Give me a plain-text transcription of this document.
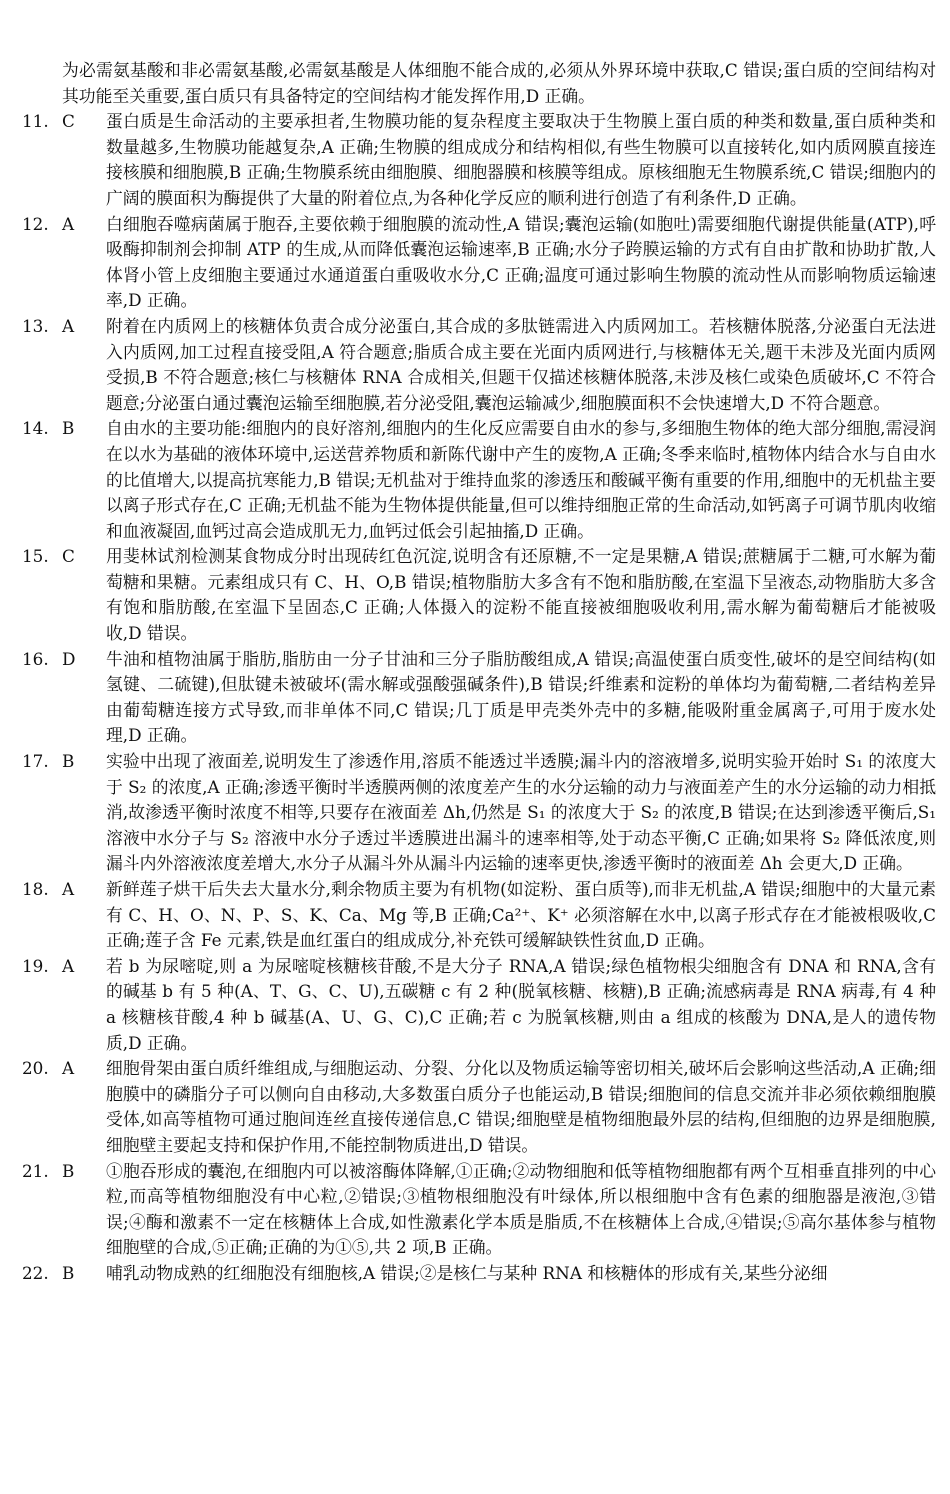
为必需氨基酸和非必需氨基酸,必需氨基酸是人体细胞不能合成的,必须从外界环境中获取,C 错误;蛋白质的空间结构对其功能至关重要,蛋白质只有具备特定的空间结构才能发挥作用,D 正确。

11. C	蛋白质是生命活动的主要承担者,生物膜功能的复杂程度主要取决于生物膜上蛋白质的种类和数量,蛋白质种类和数量越多,生物膜功能越复杂,A 正确;生物膜的组成成分和结构相似,有些生物膜可以直接转化,如内质网膜直接连接核膜和细胞膜,B 正确;生物膜系统由细胞膜、细胞器膜和核膜等组成。原核细胞无生物膜系统,C 错误;细胞内的广阔的膜面积为酶提供了大量的附着位点,为各种化学反应的顺利进行创造了有利条件,D 正确。
12. A	白细胞吞噬病菌属于胞吞,主要依赖于细胞膜的流动性,A 错误;囊泡运输(如胞吐)需要细胞代谢提供能量(ATP),呼吸酶抑制剂会抑制 ATP 的生成,从而降低囊泡运输速率,B 正确;水分子跨膜运输的方式有自由扩散和协助扩散,人体肾小管上皮细胞主要通过水通道蛋白重吸收水分,C 正确;温度可通过影响生物膜的流动性从而影响物质运输速率,D 正确。
13. A	附着在内质网上的核糖体负责合成分泌蛋白,其合成的多肽链需进入内质网加工。若核糖体脱落,分泌蛋白无法进入内质网,加工过程直接受阻,A 符合题意;脂质合成主要在光面内质网进行,与核糖体无关,题干未涉及光面内质网受损,B 不符合题意;核仁与核糖体 RNA 合成相关,但题干仅描述核糖体脱落,未涉及核仁或染色质破坏,C 不符合题意;分泌蛋白通过囊泡运输至细胞膜,若分泌受阻,囊泡运输减少,细胞膜面积不会快速增大,D 不符合题意。
14. B	自由水的主要功能:细胞内的良好溶剂,细胞内的生化反应需要自由水的参与,多细胞生物体的绝大部分细胞,需浸润在以水为基础的液体环境中,运送营养物质和新陈代谢中产生的废物,A 正确;冬季来临时,植物体内结合水与自由水的比值增大,以提高抗寒能力,B 错误;无机盐对于维持血浆的渗透压和酸碱平衡有重要的作用,细胞中的无机盐主要以离子形式存在,C 正确;无机盐不能为生物体提供能量,但可以维持细胞正常的生命活动,如钙离子可调节肌肉收缩和血液凝固,血钙过高会造成肌无力,血钙过低会引起抽搐,D 正确。
15. C	用斐林试剂检测某食物成分时出现砖红色沉淀,说明含有还原糖,不一定是果糖,A 错误;蔗糖属于二糖,可水解为葡萄糖和果糖。元素组成只有 C、H、O,B 错误;植物脂肪大多含有不饱和脂肪酸,在室温下呈液态,动物脂肪大多含有饱和脂肪酸,在室温下呈固态,C 正确;人体摄入的淀粉不能直接被细胞吸收利用,需水解为葡萄糖后才能被吸收,D 错误。
16. D	牛油和植物油属于脂肪,脂肪由一分子甘油和三分子脂肪酸组成,A 错误;高温使蛋白质变性,破坏的是空间结构(如氢键、二硫键),但肽键未被破坏(需水解或强酸强碱条件),B 错误;纤维素和淀粉的单体均为葡萄糖,二者结构差异由葡萄糖连接方式导致,而非单体不同,C 错误;几丁质是甲壳类外壳中的多糖,能吸附重金属离子,可用于废水处理,D 正确。
17. B	实验中出现了液面差,说明发生了渗透作用,溶质不能透过半透膜;漏斗内的溶液增多,说明实验开始时 S₁ 的浓度大于 S₂ 的浓度,A 正确;渗透平衡时半透膜两侧的浓度差产生的水分运输的动力与液面差产生的水分运输的动力相抵消,故渗透平衡时浓度不相等,只要存在液面差 Δh,仍然是 S₁ 的浓度大于 S₂ 的浓度,B 错误;在达到渗透平衡后,S₁ 溶液中水分子与 S₂ 溶液中水分子透过半透膜进出漏斗的速率相等,处于动态平衡,C 正确;如果将 S₂ 降低浓度,则漏斗内外溶液浓度差增大,水分子从漏斗外从漏斗内运输的速率更快,渗透平衡时的液面差 Δh 会更大,D 正确。
18. A	新鲜莲子烘干后失去大量水分,剩余物质主要为有机物(如淀粉、蛋白质等),而非无机盐,A 错误;细胞中的大量元素有 C、H、O、N、P、S、K、Ca、Mg 等,B 正确;Ca²⁺、K⁺ 必须溶解在水中,以离子形式存在才能被根吸收,C 正确;莲子含 Fe 元素,铁是血红蛋白的组成成分,补充铁可缓解缺铁性贫血,D 正确。
19. A	若 b 为尿嘧啶,则 a 为尿嘧啶核糖核苷酸,不是大分子 RNA,A 错误;绿色植物根尖细胞含有 DNA 和 RNA,含有的碱基 b 有 5 种(A、T、G、C、U),五碳糖 c 有 2 种(脱氧核糖、核糖),B 正确;流感病毒是 RNA 病毒,有 4 种 a 核糖核苷酸,4 种 b 碱基(A、U、G、C),C 正确;若 c 为脱氧核糖,则由 a 组成的核酸为 DNA,是人的遗传物质,D 正确。
20. A	细胞骨架由蛋白质纤维组成,与细胞运动、分裂、分化以及物质运输等密切相关,破坏后会影响这些活动,A 正确;细胞膜中的磷脂分子可以侧向自由移动,大多数蛋白质分子也能运动,B 错误;细胞间的信息交流并非必须依赖细胞膜受体,如高等植物可通过胞间连丝直接传递信息,C 错误;细胞壁是植物细胞最外层的结构,但细胞的边界是细胞膜,细胞壁主要起支持和保护作用,不能控制物质进出,D 错误。
21. B	①胞吞形成的囊泡,在细胞内可以被溶酶体降解,①正确;②动物细胞和低等植物细胞都有两个互相垂直排列的中心粒,而高等植物细胞没有中心粒,②错误;③植物根细胞没有叶绿体,所以根细胞中含有色素的细胞器是液泡,③错误;④酶和激素不一定在核糖体上合成,如性激素化学本质是脂质,不在核糖体上合成,④错误;⑤高尔基体参与植物细胞壁的合成,⑤正确;正确的为①⑤,共 2 项,B 正确。
22. B	哺乳动物成熟的红细胞没有细胞核,A 错误;②是核仁与某种 RNA 和核糖体的形成有关,某些分泌细
